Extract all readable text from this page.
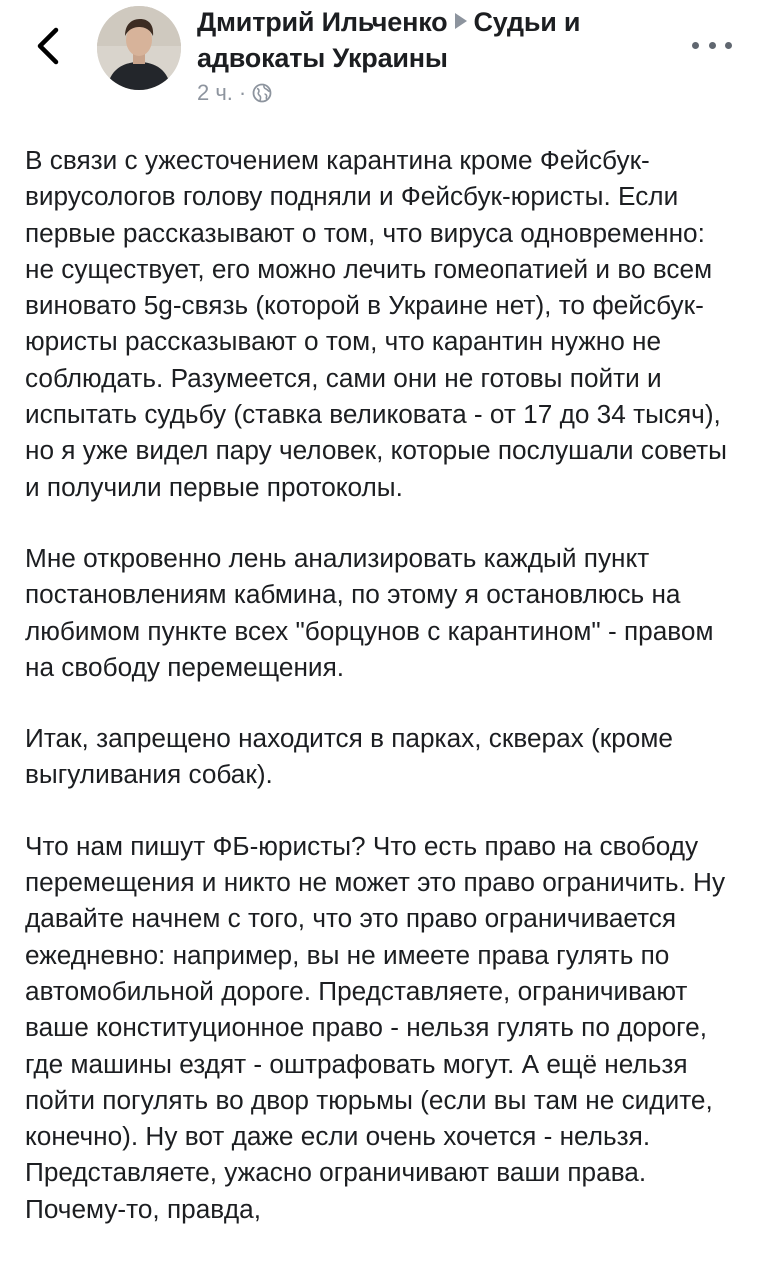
Дмитрий Ильченко Судьи и адвокаты Украины
2 ч. ·

В связи с ужесточением карантина кроме Фейсбук-вирусологов голову подняли и Фейсбук-юристы. Если первые рассказывают о том, что вируса одновременно: не существует, его можно лечить гомеопатией и во всем виновато 5g-связь (которой в Украине нет), то фейсбук-юристы рассказывают о том, что карантин нужно не соблюдать. Разумеется, сами они не готовы пойти и испытать судьбу (ставка великовата - от 17 до 34 тысяч), но я уже видел пару человек, которые послушали советы и получили первые протоколы.

Мне откровенно лень анализировать каждый пункт постановлениям кабмина, по этому я остановлюсь на любимом пункте всех "борцунов с карантином" - правом на свободу перемещения.

Итак, запрещено находится в парках, скверах (кроме выгуливания собак).

Что нам пишут ФБ-юристы? Что есть право на свободу перемещения и никто не может это право ограничить. Ну давайте начнем с того, что это право ограничивается ежедневно: например, вы не имеете права гулять по автомобильной дороге. Представляете, ограничивают ваше конституционное право - нельзя гулять по дороге, где машины ездят - оштрафовать могут. А ещё нельзя пойти погулять во двор тюрьмы (если вы там не сидите, конечно). Ну вот даже если очень хочется - нельзя. Представляете, ужасно ограничивают ваши права. Почему-то, правда,
